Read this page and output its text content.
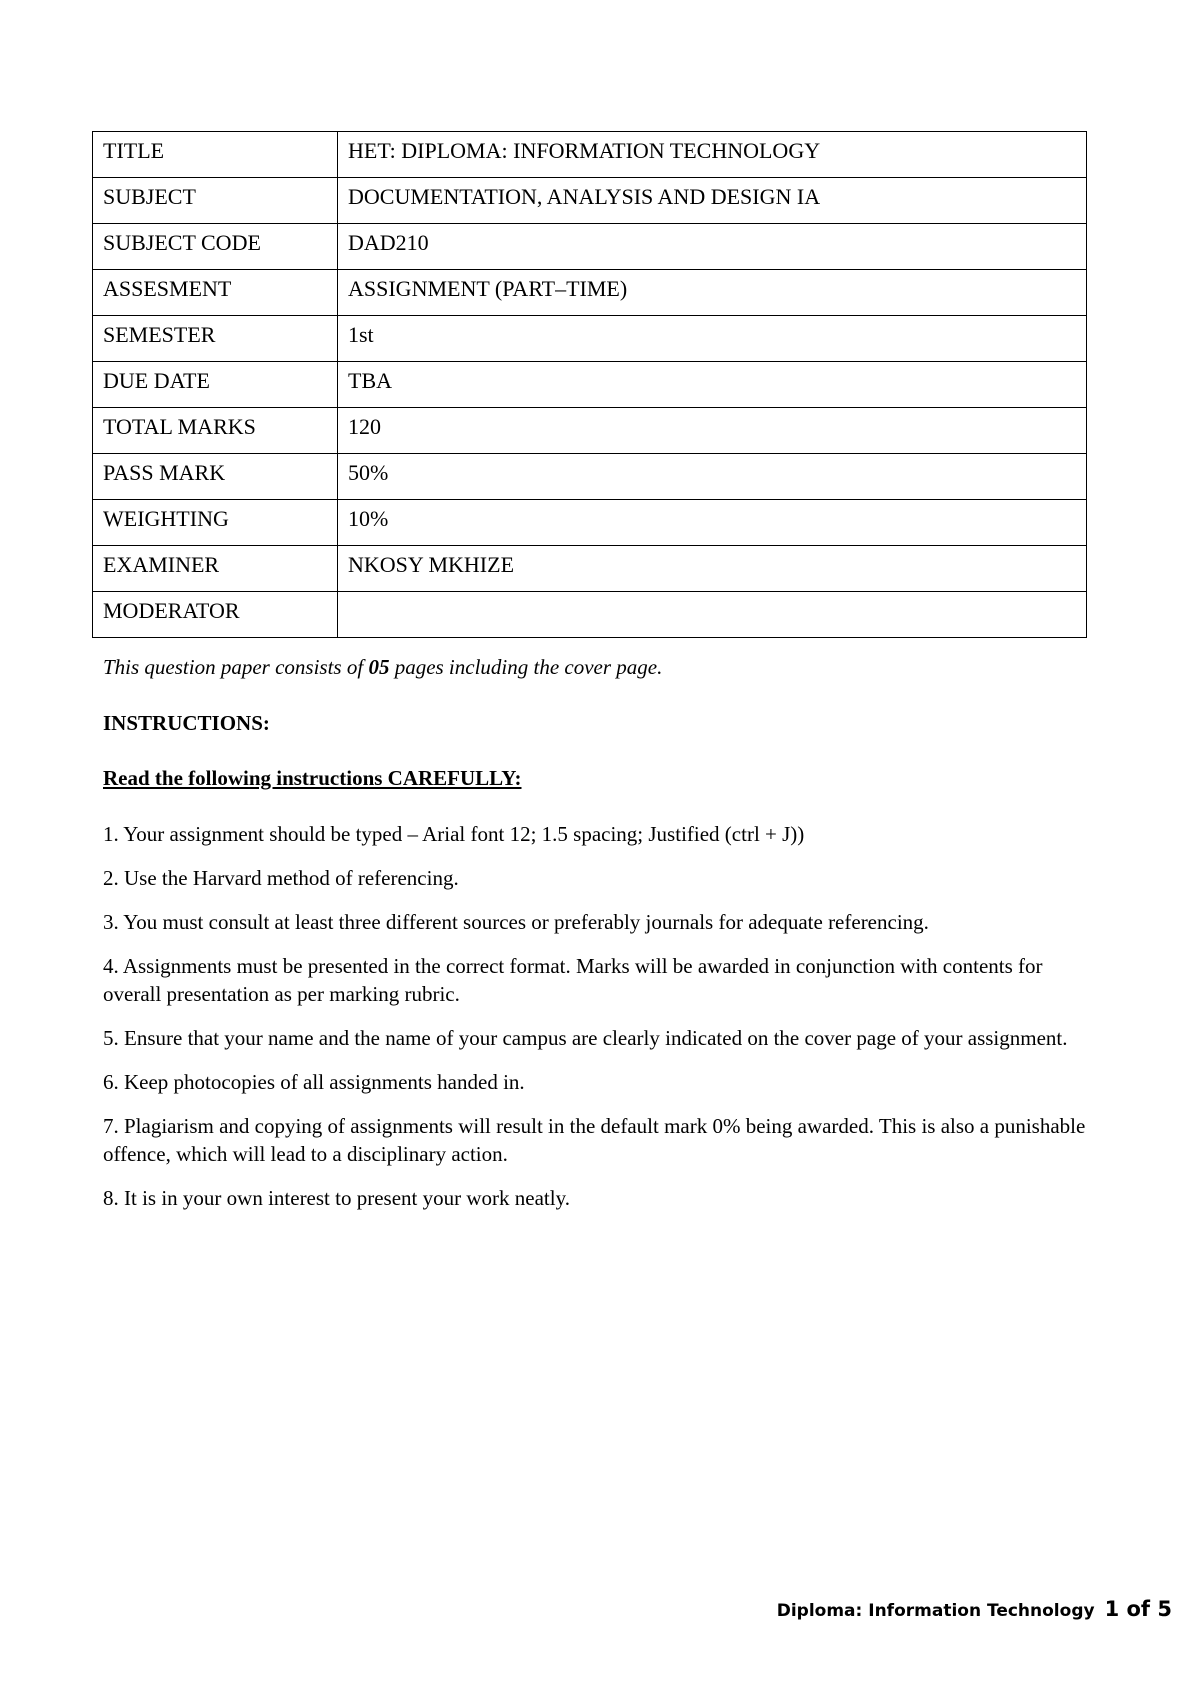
TITLE	HET: DIPLOMA: INFORMATION TECHNOLOGY
SUBJECT	DOCUMENTATION, ANALYSIS AND DESIGN IA
SUBJECT CODE	DAD210
ASSESMENT	ASSIGNMENT (PART–TIME)
SEMESTER	1st
DUE DATE	TBA
TOTAL MARKS	120
PASS MARK	50%
WEIGHTING	10%
EXAMINER	NKOSY MKHIZE
MODERATOR	
This question paper consists of 05 pages including the cover page.
INSTRUCTIONS:
Read the following instructions CAREFULLY:

1. Your assignment should be typed – Arial font 12; 1.5 spacing; Justified (ctrl + J))

2. Use the Harvard method of referencing.

3. You must consult at least three different sources or preferably journals for adequate referencing.

4. Assignments must be presented in the correct format. Marks will be awarded in conjunction with contents for overall presentation as per marking rubric.

5. Ensure that your name and the name of your campus are clearly indicated on the cover page of your assignment.

6. Keep photocopies of all assignments handed in.

7. Plagiarism and copying of assignments will result in the default mark 0% being awarded. This is also a punishable offence, which will lead to a disciplinary action.

8. It is in your own interest to present your work neatly.

Diploma: Information Technology 1 of 5
